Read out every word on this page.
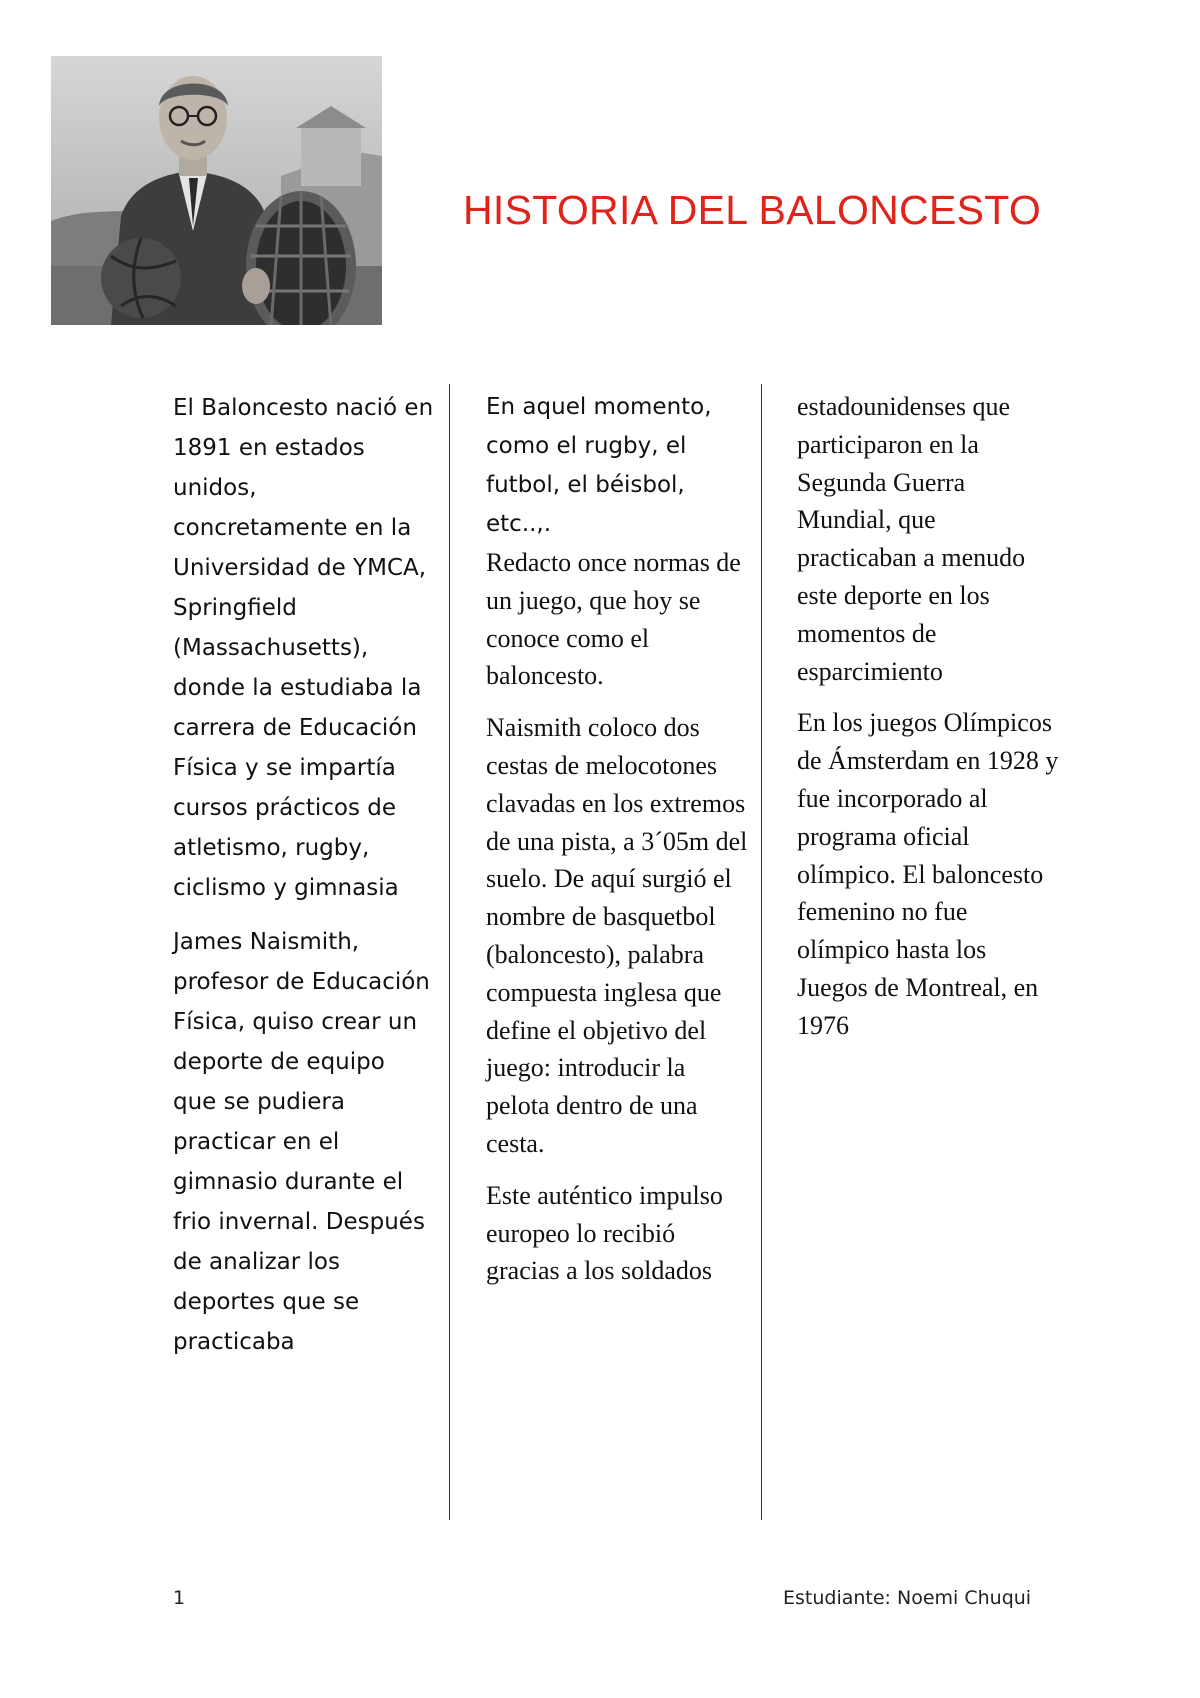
HISTORIA DEL BALONCESTO

El Baloncesto nació en 1891 en estados unidos, concretamente en la Universidad de YMCA, Springfield (Massachusetts), donde la estudiaba la carrera de Educación Física y se impartía cursos prácticos de atletismo, rugby, ciclismo y gimnasia

James Naismith, profesor de Educación Física, quiso crear un deporte de equipo que se pudiera practicar en el gimnasio durante el frio invernal. Después de analizar los deportes que se practicaba

En aquel momento, como el rugby, el futbol, el béisbol, etc..,.

Redacto once normas de un juego, que hoy se conoce como el baloncesto.

Naismith coloco dos cestas de melocotones clavadas en los extremos de una pista, a 3´05m del suelo. De aquí surgió el nombre de basquetbol (baloncesto), palabra compuesta inglesa que define el objetivo del juego: introducir la pelota dentro de una cesta.

Este auténtico impulso europeo lo recibió gracias a los soldados

estadounidenses que participaron en la Segunda Guerra Mundial, que practicaban a menudo este deporte en los momentos de esparcimiento

En los juegos Olímpicos de Ámsterdam en 1928 y fue incorporado al programa oficial olímpico. El baloncesto femenino no fue olímpico hasta los Juegos de Montreal, en 1976

1	Estudiante: Noemi Chuqui
